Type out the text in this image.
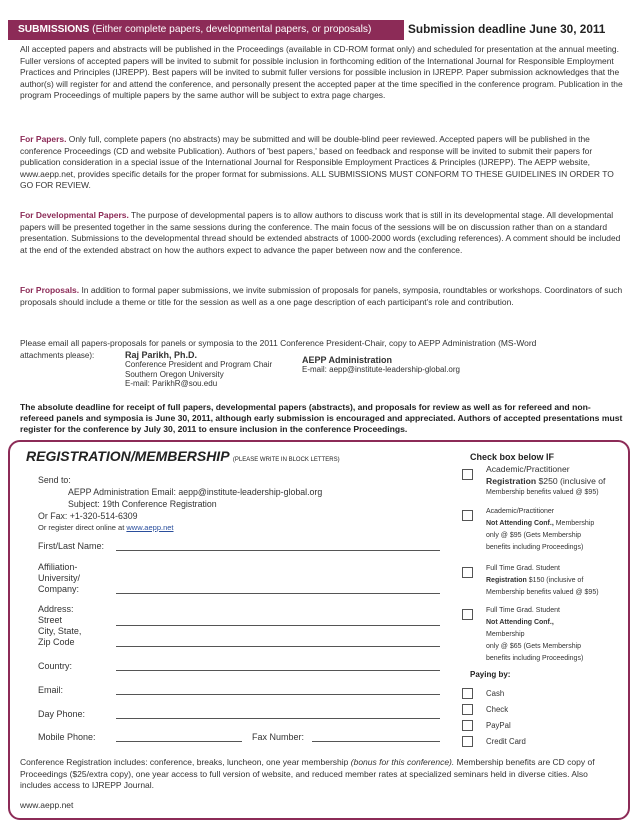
SUBMISSIONS (Either complete papers, developmental papers, or proposals)	Submission deadline June 30, 2011

All accepted papers and abstracts will be published in the Proceedings (available in CD-ROM format only) and scheduled for presentation at the annual meeting. Fuller versions of accepted papers will be invited to submit for possible inclusion in forthcoming edition of the International Journal for Responsible Employment Practices and Principles (IJREPP). Best papers will be invited to submit fuller versions for possible inclusion in IJREPP. Paper submission acknowledges that the author(s) will register for and attend the conference, and personally present the accepted paper at the time specified in the conference program. Publication in the program Proceedings of multiple papers by the same author will be subject to extra page charges.

For Papers. Only full, complete papers (no abstracts) may be submitted and will be double-blind peer reviewed. Accepted papers will be published in the conference Proceedings (CD and website Publication). Authors of 'best papers,' based on feedback and response will be invited to submit their papers for publication consideration in a special issue of the International Journal for Responsible Employment Practices & Principles (IJREPP). The AEPP website, www.aepp.net, provides specific details for the proper format for submissions. ALL SUBMISSIONS MUST CONFORM TO THESE GUIDELINES IN ORDER TO GO FOR REVIEW.

For Developmental Papers. The purpose of developmental papers is to allow authors to discuss work that is still in its developmental stage. All developmental papers will be presented together in the same sessions during the conference. The main focus of the sessions will be on discussion rather than on a standard presentation. Submissions to the developmental thread should be extended abstracts of 1000-2000 words (excluding references). A comment should be included at the end of the extended abstract on how the authors expect to advance the paper between now and the conference.

For Proposals. In addition to formal paper submissions, we invite submission of proposals for panels, symposia, roundtables or workshops. Coordinators of such proposals should include a theme or title for the session as well as a one page description of each participant's role and contribution.

Please email all papers-proposals for panels or symposia to the 2011 Conference President-Chair, copy to AEPP Administration (MS-Word

attachments please):	Raj Parikh, Ph.D.
Conference President and Program Chair
Southern Oregon University
E-mail: ParikhR@sou.edu
AEPP Administration
E-mail: aepp@institute-leadership-global.org

The absolute deadline for receipt of full papers, developmental papers (abstracts), and proposals for review as well as for refereed and non-refereed panels and symposia is June 30, 2011, although early submission is encouraged and appreciated. Authors of accepted presentations must register for the conference by July 30, 2011 to ensure inclusion in the conference Proceedings.

REGISTRATION/MEMBERSHIP (PLEASE WRITE IN BLOCK LETTERS)
Send to:
AEPP Administration Email: aepp@institute-leadership-global.org
Subject: 19th Conference Registration
Or Fax: +1-320-514-6309
Or register direct online at www.aepp.net
First/Last Name:
Affiliation-
University/
Company:
Address:
Street
City, State,
Zip Code
Country:
Email:
Day Phone:
Mobile Phone:	Fax Number:
Check box below IF
Academic/Practitioner
Registration $250 (inclusive of
Membership benefits valued @ $95)
Academic/Practitioner
Not Attending Conf., Membership
only @ $95 (Gets Membership
benefits including Proceedings)
Full Time Grad. Student
Registration $150 (inclusive of
Membership benefits valued @ $95)
Full Time Grad. Student
Not Attending Conf.,
Membership
only @ $65 (Gets Membership
benefits including Proceedings)
Paying by:
Cash
Check
PayPal
Credit Card

Conference Registration includes: conference, breaks, luncheon, one year membership (bonus for this conference). Membership benefits are CD copy of Proceedings ($25/extra copy), one year access to full version of website, and reduced member rates at specialized seminars held in diverse cities. Also includes access to IJREPP Journal.

www.aepp.net
